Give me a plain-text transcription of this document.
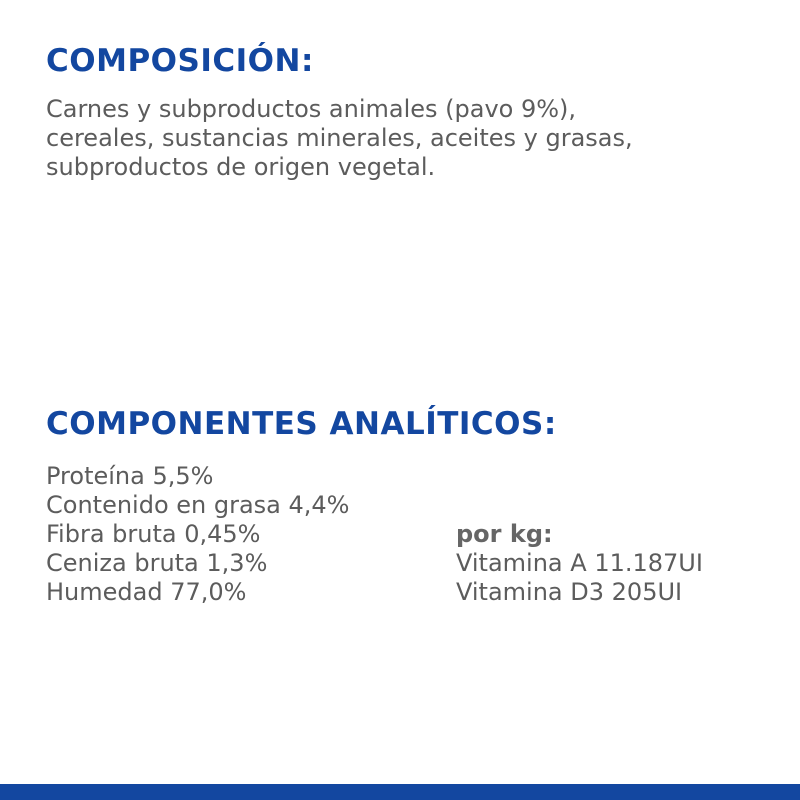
COMPOSICIÓN:

Carnes y subproductos animales (pavo 9%),
cereales, sustancias minerales, aceites y grasas,
subproductos de origen vegetal.

COMPONENTES ANALÍTICOS:
Proteína 5,5%
Contenido en grasa 4,4%
Fibra bruta 0,45%
Ceniza bruta 1,3%
Humedad 77,0%
por kg:
Vitamina A 11.187UI
Vitamina D3 205UI
